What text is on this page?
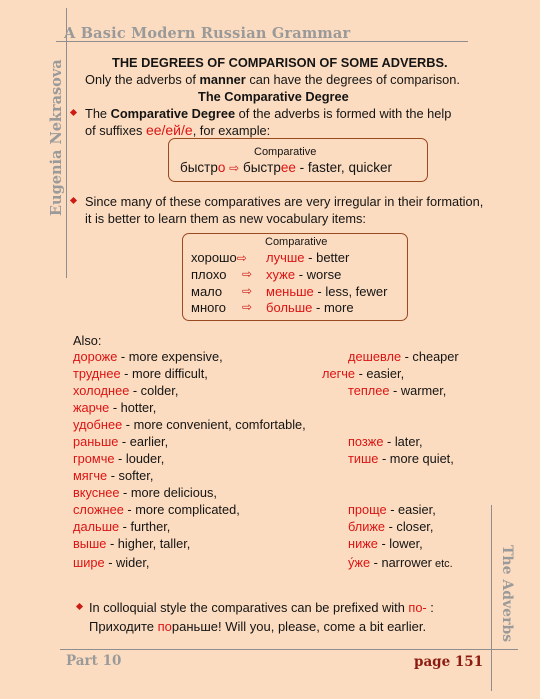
A Basic Modern Russian Grammar
Eugenia Nekrasova
The Adverbs
THE DEGREES OF COMPARISON OF SOME ADVERBS.
Only the adverbs of manner can have the degrees of comparison.
The Comparative Degree
The Comparative Degree of the adverbs is formed with the help
of suffixes ее/ей/е, for example:
Comparative
быстро ⇨ быстрее - faster, quicker
Since many of these comparatives are very irregular in their formation,
it is better to learn them as new vocabulary items:
Comparative
хорошо⇨ лучше - better
плохо ⇨ хуже - worse
мало ⇨ меньше - less, fewer
много ⇨ больше - more
Also:
дороже - more expensive,
труднее - more difficult,
холоднее - colder,
жарче - hotter,
удобнее - more convenient, comfortable,
раньше - earlier,
громче - louder,
мягче - softer,
вкуснее - more delicious,
сложнее - more complicated,
дальше - further,
выше - higher, taller,
шире - wider,
дешевле - cheaper
легче - easier,
теплее - warmer,
позже - later,
тише - more quiet,
проще - easier,
ближе - closer,
ниже - lower,
у́же - narrower etc.
In colloquial style the comparatives can be prefixed with по- :
Приходите пораньше! Will you, please, come a bit earlier.
Part 10	page 151
